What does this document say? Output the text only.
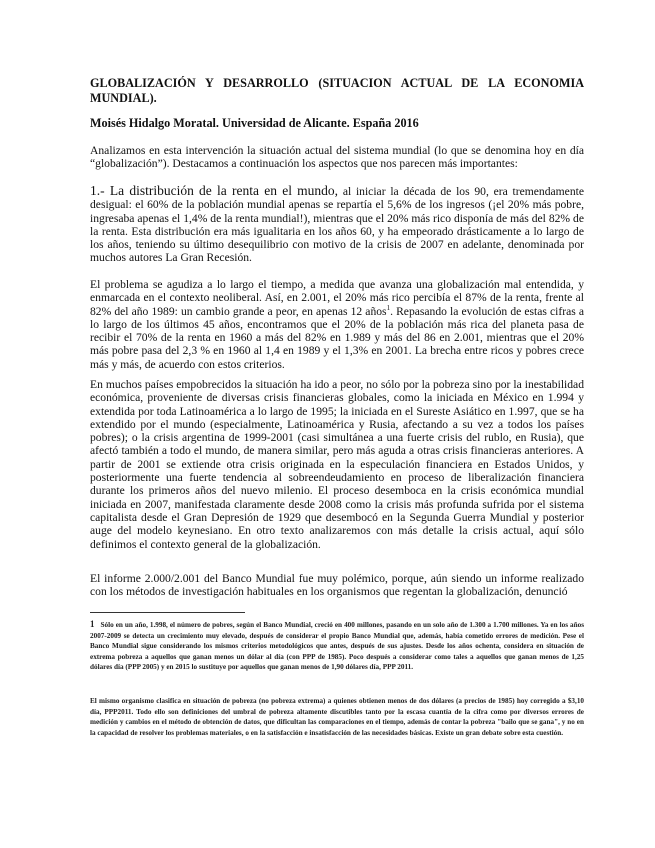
GLOBALIZACIÓN Y DESARROLLO (SITUACION ACTUAL DE LA ECONOMIA MUNDIAL).

Moisés Hidalgo Moratal. Universidad de Alicante. España 2016

Analizamos en esta intervención la situación actual del sistema mundial (lo que se denomina hoy en día “globalización”). Destacamos a continuación los aspectos que nos parecen más importantes:

1.- La distribución de la renta en el mundo, al iniciar la década de los 90, era tremendamente desigual: el 60% de la población mundial apenas se repartía el 5,6% de los ingresos (¡el 20% más pobre, ingresaba apenas el 1,4% de la renta mundial!), mientras que el 20% más rico disponía de más del 82% de la renta. Esta distribución era más igualitaria en los años 60, y ha empeorado drásticamente a lo largo de los años, teniendo su último desequilibrio con motivo de la crisis de 2007 en adelante, denominada por muchos autores La Gran Recesión.

El problema se agudiza a lo largo el tiempo, a medida que avanza una globalización mal entendida, y enmarcada en el contexto neoliberal. Así, en 2.001, el 20% más rico percibía el 87% de la renta, frente al 82% del año 1989: un cambio grande a peor, en apenas 12 años$^1$. Repasando la evolución de estas cifras a lo largo de los últimos 45 años, encontramos que el 20% de la población más rica del planeta pasa de recibir el 70% de la renta en 1960 a más del 82% en 1.989 y más del 86 en 2.001, mientras que el 20% más pobre pasa del 2,3 % en 1960 al 1,4 en 1989 y el 1,3% en 2001. La brecha entre ricos y pobres crece más y más, de acuerdo con estos criterios.

En muchos países empobrecidos la situación ha ido a peor, no sólo por la pobreza sino por la inestabilidad económica, proveniente de diversas crisis financieras globales, como la iniciada en México en 1.994 y extendida por toda Latinoamérica a lo largo de 1995; la iniciada en el Sureste Asiático en 1.997, que se ha extendido por el mundo (especialmente, Latinoamérica y Rusia, afectando a su vez a todos los países pobres); o la crisis argentina de 1999-2001 (casi simultánea a una fuerte crisis del rublo, en Rusia), que afectó también a todo el mundo, de manera similar, pero más aguda a otras crisis financieras anteriores. A partir de 2001 se extiende otra crisis originada en la especulación financiera en Estados Unidos, y posteriormente una fuerte tendencia al sobreendeudamiento en proceso de liberalización financiera durante los primeros años del nuevo milenio. El proceso desemboca en la crisis económica mundial iniciada en 2007, manifestada claramente desde 2008 como la crisis más profunda sufrida por el sistema capitalista desde el Gran Depresión de 1929 que desembocó en la Segunda Guerra Mundial y posterior auge del modelo keynesiano. En otro texto analizaremos con más detalle la crisis actual, aquí sólo definimos el contexto general de la globalización.

El informe 2.000/2.001 del Banco Mundial fue muy polémico, porque, aún siendo un informe realizado con los métodos de investigación habituales en los organismos que regentan la globalización, denunció

1 Sólo en un año, 1.998, el número de pobres, según el Banco Mundial, creció en 400 millones, pasando en un solo año de 1.300 a 1.700 millones. Ya en los años 2007-2009 se detecta un crecimiento muy elevado, después de considerar el propio Banco Mundial que, además, había cometido errores de medición. Pese el Banco Mundial sigue considerando los mismos criterios metodológicos que antes, después de sus ajustes. Desde los años ochenta, considera en situación de extrema pobreza a aquellos que ganan menos un dólar al día (con PPP de 1985). Poco después a considerar como tales a aquellos que ganan menos de 1,25 dólares día (PPP 2005) y en 2015 lo sustituye por aquellos que ganan menos de 1,90 dólares día, PPP 2011.

El mismo organismo clasifica en situación de pobreza (no pobreza extrema) a quienes obtienen menos de dos dólares (a precios de 1985) hoy corregido a $3,10 día, PPP2011. Todo ello son definiciones del umbral de pobreza altamente discutibles tanto por la escasa cuantía de la cifra como por diversos errores de medición y cambios en el método de obtención de datos, que dificultan las comparaciones en el tiempo, además de contar la pobreza "bailo que se gana", y no en la capacidad de resolver los problemas materiales, o en la satisfacción e insatisfacción de las necesidades básicas. Existe un gran debate sobre esta cuestión.
